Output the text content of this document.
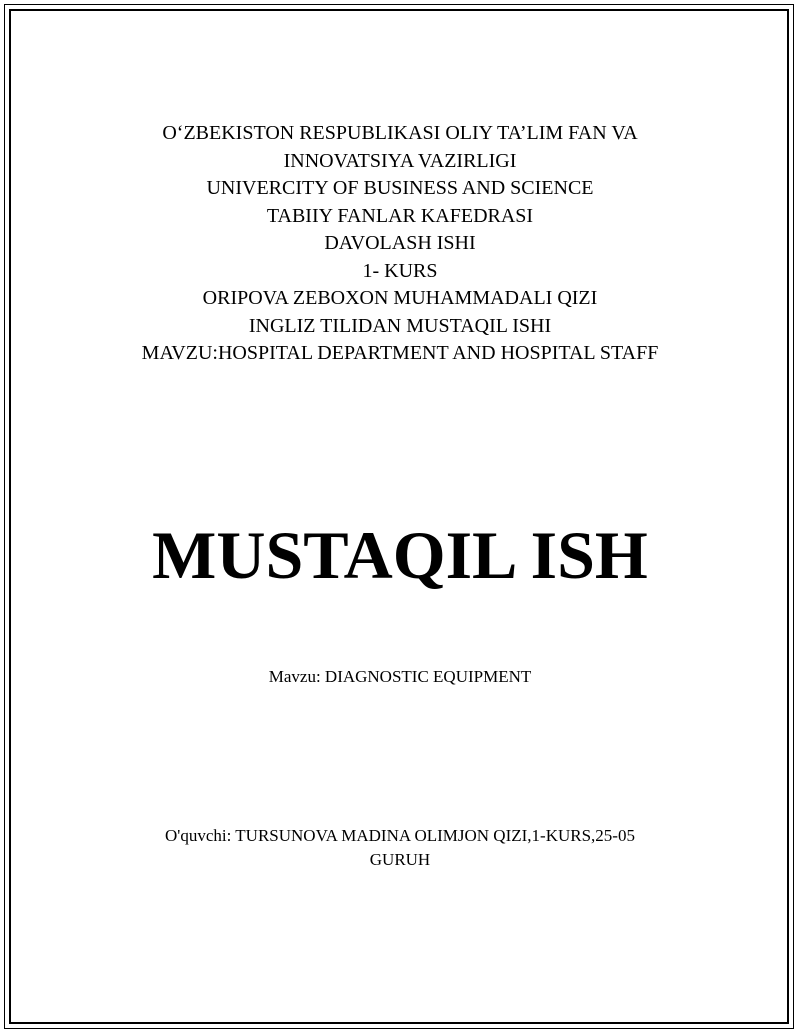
O‘ZBEKISTON RESPUBLIKASI OLIY TA’LIM FAN VA
INNOVATSIYA VAZIRLIGI
UNIVERCITY OF BUSINESS AND SCIENCE
TABIIY FANLAR KAFEDRASI
DAVOLASH ISHI
1- KURS
ORIPOVA ZEBOXON MUHAMMADALI QIZI
INGLIZ TILIDAN MUSTAQIL ISHI
MAVZU:HOSPITAL DEPARTMENT AND HOSPITAL STAFF
MUSTAQIL ISH
Mavzu: DIAGNOSTIC EQUIPMENT
O'quvchi: TURSUNOVA MADINA OLIMJON QIZI,1-KURS,25-05
GURUH
